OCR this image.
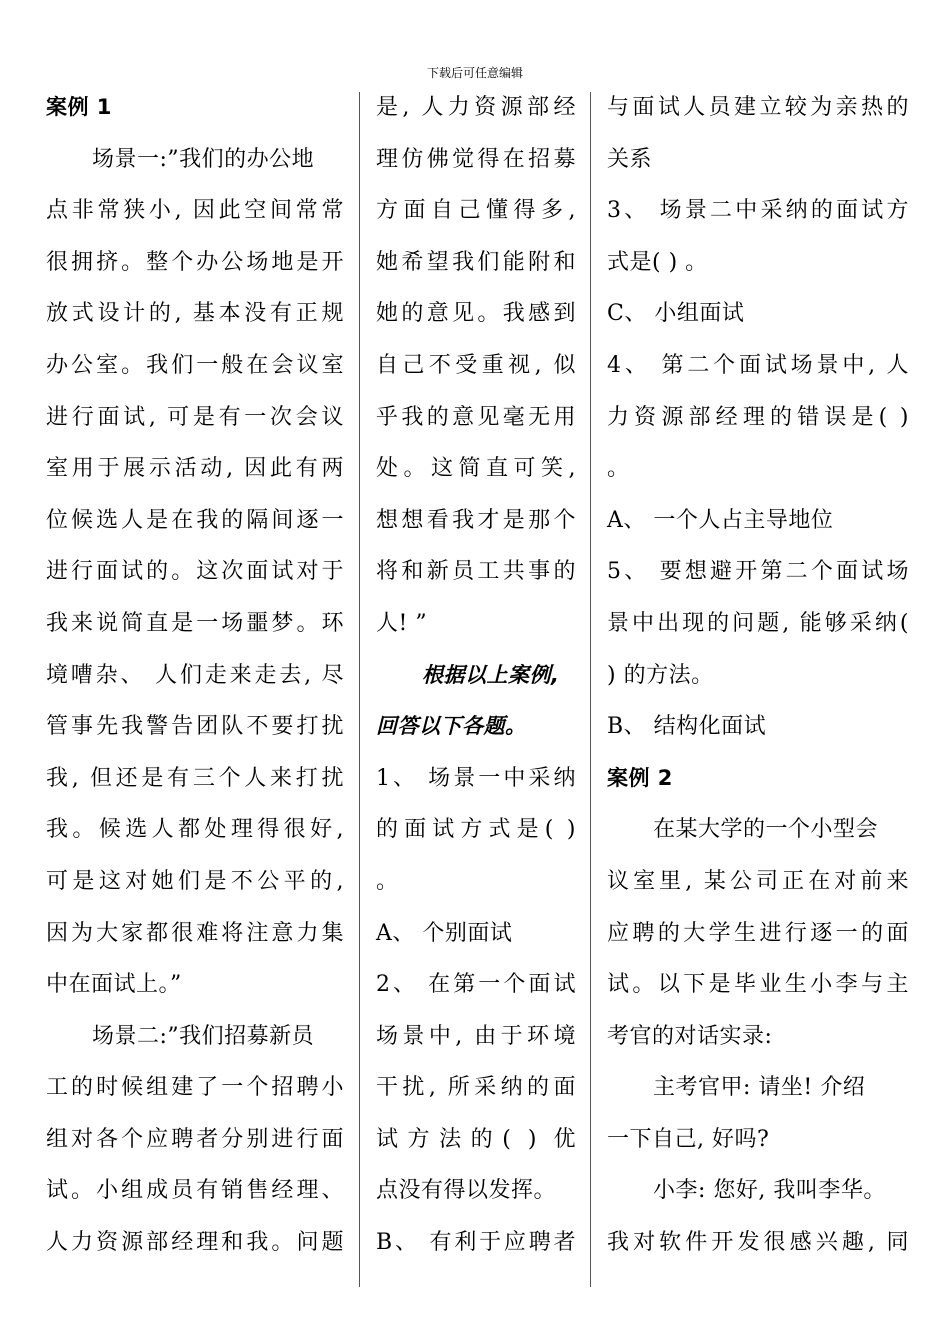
下载后可任意编辑
案例 1
场景一:”我们的办公地
点非常狭小, 因此空间常常
很拥挤。整个办公场地是开
放式设计的, 基本没有正规
办公室。我们一般在会议室
进行面试, 可是有一次会议
室用于展示活动, 因此有两
位候选人是在我的隔间逐一
进行面试的。这次面试对于
我来说简直是一场噩梦。环
境嘈杂、 人们走来走去, 尽
管事先我警告团队不要打扰
我, 但还是有三个人来打扰
我。候选人都处理得很好,
可是这对她们是不公平的,
因为大家都很难将注意力集
中在面试上。”
场景二:”我们招募新员
工的时候组建了一个招聘小
组对各个应聘者分别进行面
试。小组成员有销售经理、
人力资源部经理和我。问题
是, 人力资源部经
理仿佛觉得在招募
方面自己懂得多,
她希望我们能附和
她的意见。我感到
自己不受重视, 似
乎我的意见毫无用
处。这简直可笑,
想想看我才是那个
将和新员工共事的
人! ”
根据以上案例,
回答以下各题。
1、 场景一中采纳
的面试方式是( )
。
A、 个别面试
2、 在第一个面试
场景中, 由于环境
干扰, 所采纳的面
试方法的( ) 优
点没有得以发挥。
B、 有利于应聘者
与面试人员建立较为亲热的
关系
3、 场景二中采纳的面试方
式是( ) 。
C、 小组面试
4、 第二个面试场景中, 人
力资源部经理的错误是( )
。
A、 一个人占主导地位
5、 要想避开第二个面试场
景中出现的问题, 能够采纳(
) 的方法。
B、 结构化面试
案例 2
在某大学的一个小型会
议室里, 某公司正在对前来
应聘的大学生进行逐一的面
试。以下是毕业生小李与主
考官的对话实录:
主考官甲: 请坐! 介绍
一下自己, 好吗?
小李: 您好, 我叫李华。
我对软件开发很感兴趣, 同
